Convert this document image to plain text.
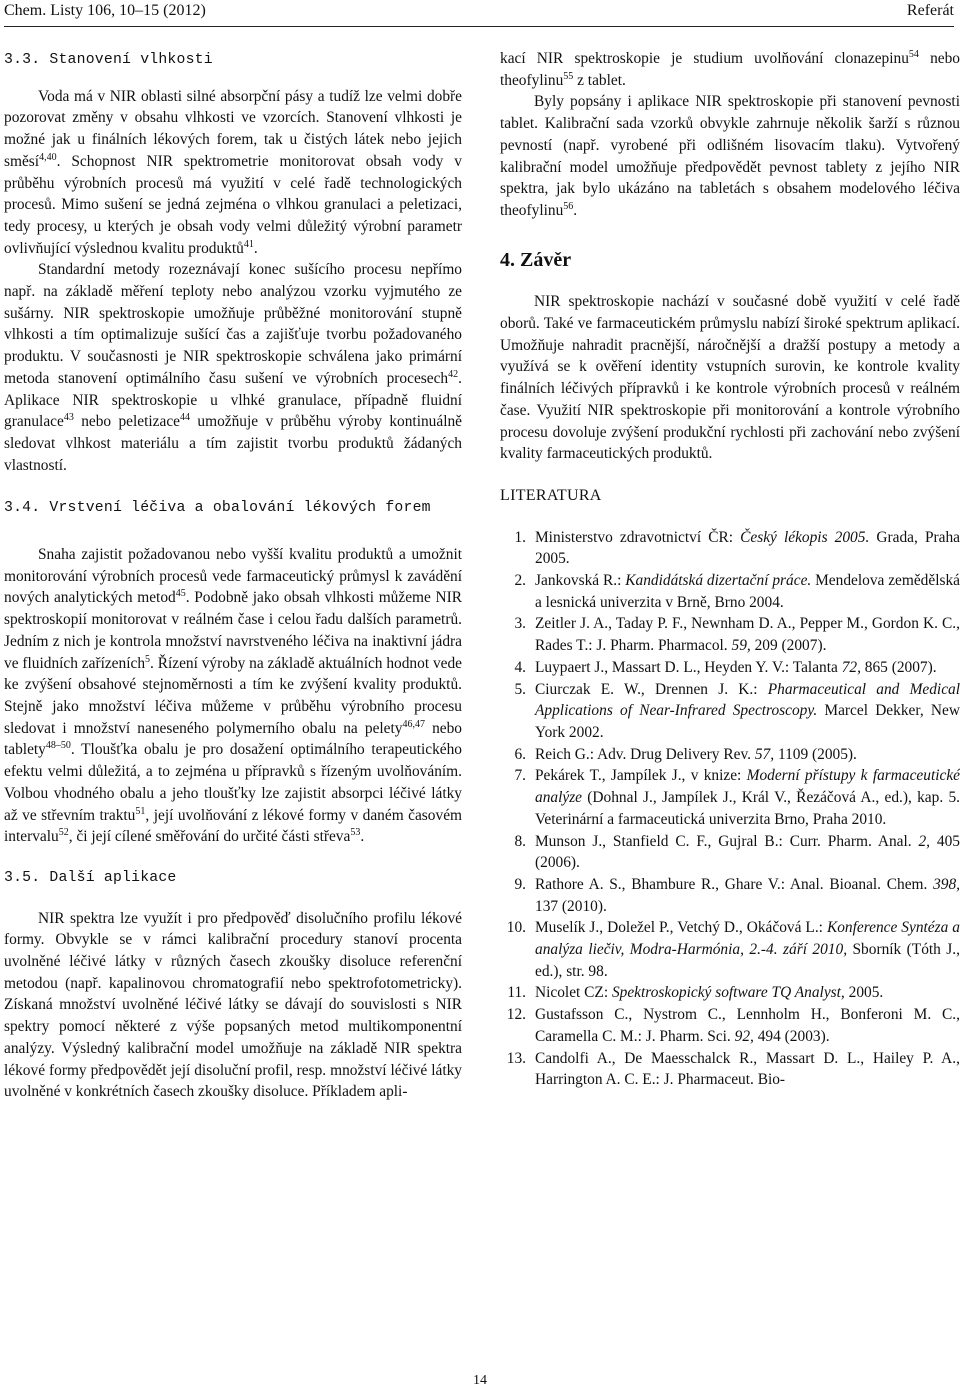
Chem. Listy 106, 10–15 (2012)	Referát
3.3. Stanovení vlhkosti

Voda má v NIR oblasti silné absorpční pásy a tudíž lze velmi dobře pozorovat změny v obsahu vlhkosti ve vzorcích. Stanovení vlhkosti je možné jak u finálních lékových forem, tak u čistých látek nebo jejich směsí$^{4,40}$. Schopnost NIR spektrometrie monitorovat obsah vody v průběhu výrobních procesů má využití v celé řadě technologických procesů. Mimo sušení se jedná zejména o vlhkou granulaci a peletizaci, tedy procesy, u kterých je obsah vody velmi důležitý výrobní parametr ovlivňující výslednou kvalitu produktů$^{41}$.

Standardní metody rozeznávají konec sušícího procesu nepřímo např. na základě měření teploty nebo analýzou vzorku vyjmutého ze sušárny. NIR spektroskopie umožňuje průběžné monitorování stupně vlhkosti a tím optimalizuje sušící čas a zajišťuje tvorbu požadovaného produktu. V současnosti je NIR spektroskopie schválena jako primární metoda stanovení optimálního času sušení ve výrobních procesech$^{42}$. Aplikace NIR spektroskopie u vlhké granulace, případně fluidní granulace$^{43}$ nebo peletizace$^{44}$ umožňuje v průběhu výroby kontinuálně sledovat vlhkost materiálu a tím zajistit tvorbu produktů žádaných vlastností.

3.4. Vrstvení léčiva a obalování lékových forem

Snaha zajistit požadovanou nebo vyšší kvalitu produktů a umožnit monitorování výrobních procesů vede farmaceutický průmysl k zavádění nových analytických metod$^{45}$. Podobně jako obsah vlhkosti můžeme NIR spektroskopií monitorovat v reálném čase i celou řadu dalších parametrů. Jedním z nich je kontrola množství navrstveného léčiva na inaktivní jádra ve fluidních zařízeních$^5$. Řízení výroby na základě aktuálních hodnot vede ke zvýšení obsahové stejnoměrnosti a tím ke zvýšení kvality produktů. Stejně jako množství léčiva můžeme v průběhu výrobního procesu sledovat i množství naneseného polymerního obalu na pelety$^{46,47}$ nebo tablety$^{48-50}$. Tloušťka obalu je pro dosažení optimálního terapeutického efektu velmi důležitá, a to zejména u přípravků s řízeným uvolňováním. Volbou vhodného obalu a jeho tloušťky lze zajistit absorpci léčivé látky až ve střevním traktu$^{51}$, její uvolňování z lékové formy v daném časovém intervalu$^{52}$, či její cílené směřování do určité části střeva$^{53}$.

3.5. Další aplikace

NIR spektra lze využít i pro předpověď disolučního profilu lékové formy. Obvykle se v rámci kalibrační procedury stanoví procenta uvolněné léčivé látky v různých časech zkoušky disoluce referenční metodou (např. kapalinovou chromatografií nebo spektrofotometricky). Získaná množství uvolněné léčivé látky se dávají do souvislosti s NIR spektry pomocí některé z výše popsaných metod multikomponentní analýzy. Výsledný kalibrační model umožňuje na základě NIR spektra lékové formy předpovědět její disoluční profil, resp. množství léčivé látky uvolněné v konkrétních časech zkoušky disoluce. Příkladem apli-

kací NIR spektroskopie je studium uvolňování clonazepinu$^{54}$ nebo theofylinu$^{55}$ z tablet.

Byly popsány i aplikace NIR spektroskopie při stanovení pevnosti tablet. Kalibrační sada vzorků obvykle zahrnuje několik šarží s různou pevností (např. vyrobené při odlišném lisovacím tlaku). Vytvořený kalibrační model umožňuje předpovědět pevnost tablety z jejího NIR spektra, jak bylo ukázáno na tabletách s obsahem modelového léčiva theofylinu$^{56}$.

4. Závěr

NIR spektroskopie nachází v současné době využití v celé řadě oborů. Také ve farmaceutickém průmyslu nabízí široké spektrum aplikací. Umožňuje nahradit pracnější, náročnější a dražší postupy a metody a využívá se k ověření identity vstupních surovin, ke kontrole kvality finálních léčivých přípravků i ke kontrole výrobních procesů v reálném čase. Využití NIR spektroskopie při monitorování a kontrole výrobního procesu dovoluje zvýšení produkční rychlosti při zachování nebo zvýšení kvality farmaceutických produktů.

LITERATURA
1. Ministerstvo zdravotnictví ČR: Český lékopis 2005. Grada, Praha 2005.
2. Jankovská R.: Kandidátská dizertační práce. Mendelova zemědělská a lesnická univerzita v Brně, Brno 2004.
3. Zeitler J. A., Taday P. F., Newnham D. A., Pepper M., Gordon K. C., Rades T.: J. Pharm. Pharmacol. 59, 209 (2007).
4. Luypaert J., Massart D. L., Heyden Y. V.: Talanta 72, 865 (2007).
5. Ciurczak E. W., Drennen J. K.: Pharmaceutical and Medical Applications of Near-Infrared Spectroscopy. Marcel Dekker, New York 2002.
6. Reich G.: Adv. Drug Delivery Rev. 57, 1109 (2005).
7. Pekárek T., Jampílek J., v knize: Moderní přístupy k farmaceutické analýze (Dohnal J., Jampílek J., Král V., Řezáčová A., ed.), kap. 5. Veterinární a farmaceutická univerzita Brno, Praha 2010.
8. Munson J., Stanfield C. F., Gujral B.: Curr. Pharm. Anal. 2, 405 (2006).
9. Rathore A. S., Bhambure R., Ghare V.: Anal. Bioanal. Chem. 398, 137 (2010).
10. Muselík J., Doležel P., Vetchý D., Okáčová L.: Konference Syntéza a analýza liečiv, Modra-Harmónia, 2.-4. září 2010, Sborník (Tóth J., ed.), str. 98.
11. Nicolet CZ: Spektroskopický software TQ Analyst, 2005.
12. Gustafsson C., Nystrom C., Lennholm H., Bonferoni M. C., Caramella C. M.: J. Pharm. Sci. 92, 494 (2003).
13. Candolfi A., De Maesschalck R., Massart D. L., Hailey P. A., Harrington A. C. E.: J. Pharmaceut. Bio-
14
